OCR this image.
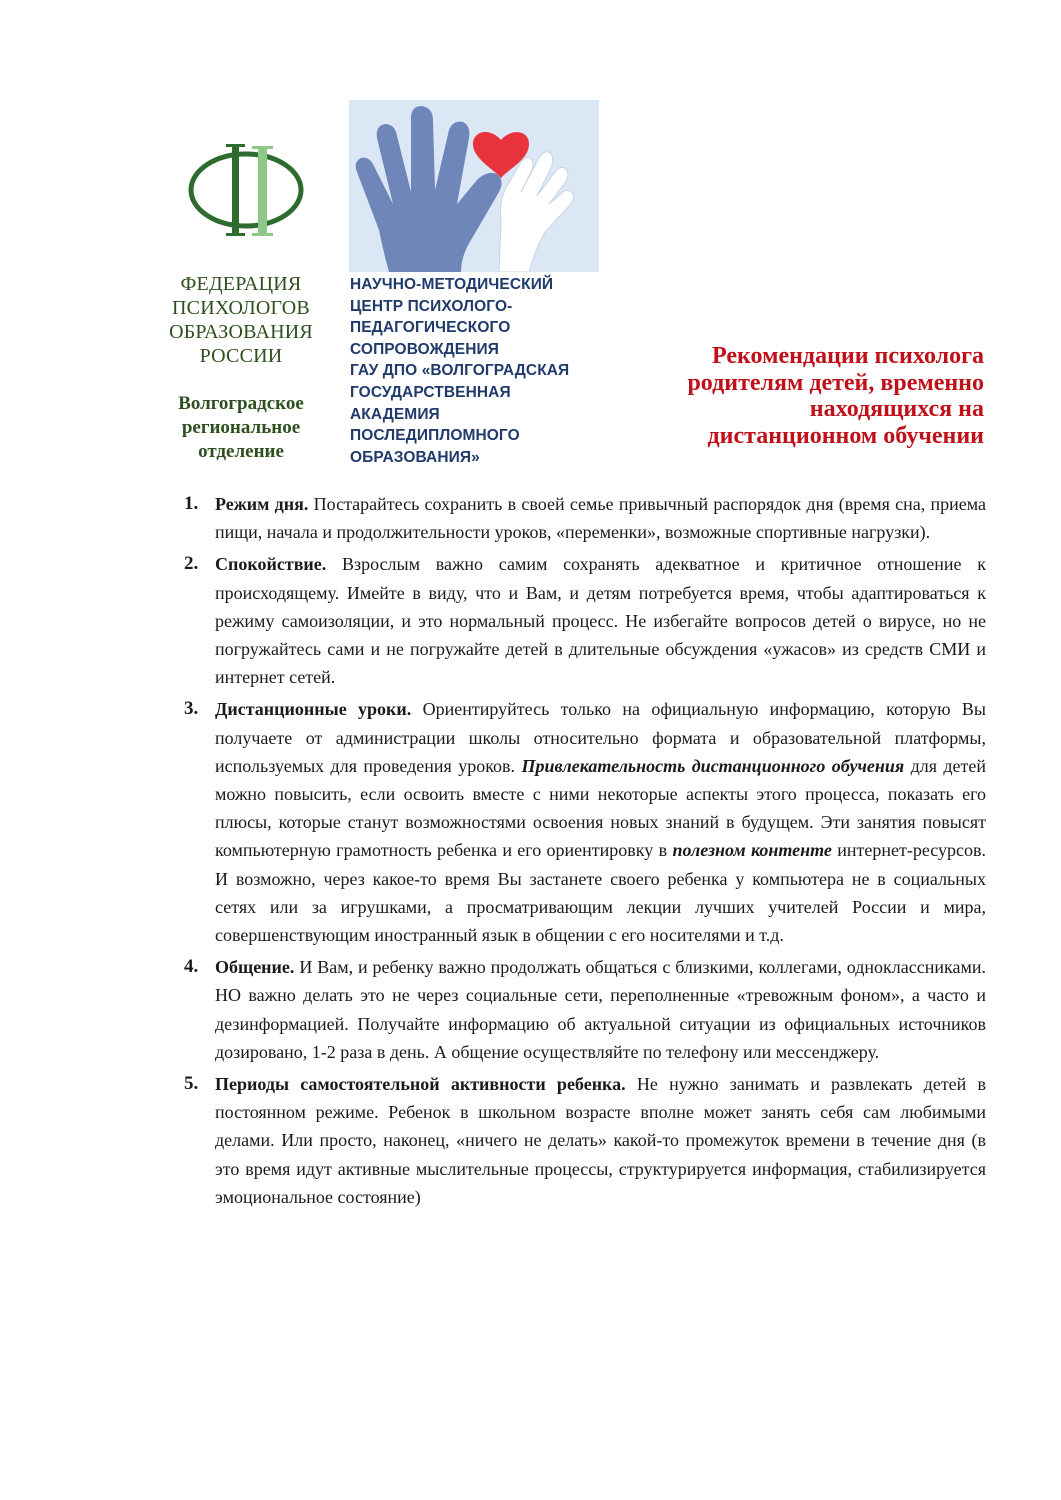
ФЕДЕРАЦИЯ
ПСИХОЛОГОВ
ОБРАЗОВАНИЯ
РОССИИ
Волгоградское
региональное
отделение
НАУЧНО-МЕТОДИЧЕСКИЙ
ЦЕНТР ПСИХОЛОГО-
ПЕДАГОГИЧЕСКОГО
СОПРОВОЖДЕНИЯ
ГАУ ДПО «ВОЛГОГРАДСКАЯ
ГОСУДАРСТВЕННАЯ
АКАДЕМИЯ
ПОСЛЕДИПЛОМНОГО
ОБРАЗОВАНИЯ»
Рекомендации психолога
родителям детей, временно
находящихся на
дистанционном обучении
1. Режим дня. Постарайтесь сохранить в своей семье привычный распорядок дня (время сна, приема пищи, начала и продолжительности уроков, «переменки», возможные спортивные нагрузки).
2. Спокойствие. Взрослым важно самим сохранять адекватное и критичное отношение к происходящему. Имейте в виду, что и Вам, и детям потребуется время, чтобы адаптироваться к режиму самоизоляции, и это нормальный процесс. Не избегайте вопросов детей о вирусе, но не погружайтесь сами и не погружайте детей в длительные обсуждения «ужасов» из средств СМИ и интернет сетей.
3. Дистанционные уроки. Ориентируйтесь только на официальную информацию, которую Вы получаете от администрации школы относительно формата и образовательной платформы, используемых для проведения уроков. Привлекательность дистанционного обучения для детей можно повысить, если освоить вместе с ними некоторые аспекты этого процесса, показать его плюсы, которые станут возможностями освоения новых знаний в будущем. Эти занятия повысят компьютерную грамотность ребенка и его ориентировку в полезном контенте интернет-ресурсов. И возможно, через какое-то время Вы застанете своего ребенка у компьютера не в социальных сетях или за игрушками, а просматривающим лекции лучших учителей России и мира, совершенствующим иностранный язык в общении с его носителями и т.д.
4. Общение. И Вам, и ребенку важно продолжать общаться с близкими, коллегами, одноклассниками. НО важно делать это не через социальные сети, переполненные «тревожным фоном», а часто и дезинформацией. Получайте информацию об актуальной ситуации из официальных источников дозировано, 1-2 раза в день. А общение осуществляйте по телефону или мессенджеру.
5. Периоды самостоятельной активности ребенка. Не нужно занимать и развлекать детей в постоянном режиме. Ребенок в школьном возрасте вполне может занять себя сам любимыми делами. Или просто, наконец, «ничего не делать» какой-то промежуток времени в течение дня (в это время идут активные мыслительные процессы, структурируется информация, стабилизируется эмоциональное состояние)
